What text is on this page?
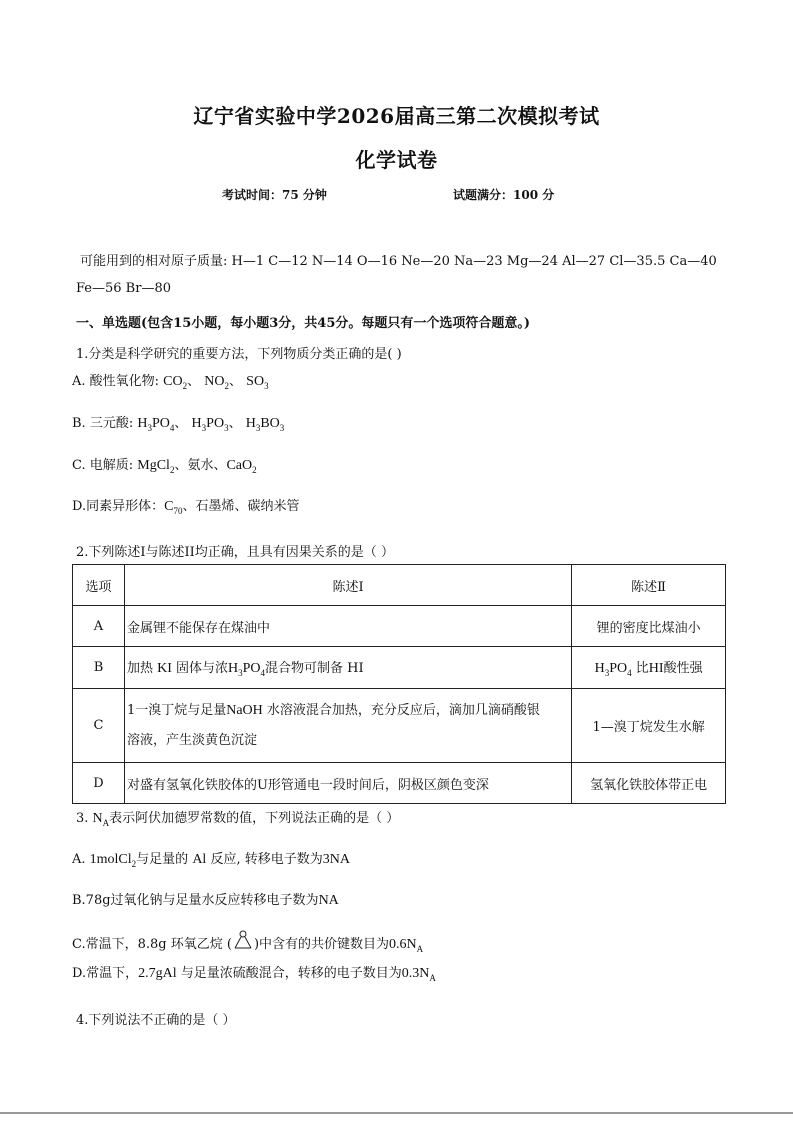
辽宁省实验中学2026届高三第二次模拟考试
化学试卷
考试时间：75 分钟	试题满分：100 分
可能用到的相对原子质量: H—1 C—12 N—14 O—16 Ne—20 Na—23 Mg—24 Al—27 Cl—35.5 Ca—40
Fe—56 Br—80
一、单选题(包含15小题，每小题3分，共45分。每题只有一个选项符合题意。)
1.分类是科学研究的重要方法，下列物质分类正确的是( )
A. 酸性氧化物: $CO_2$、 $NO_2$、 $SO_3$
B. 三元酸: $H_3PO_4$、 $H_3PO_3$、 $H_3BO_3$
C. 电解质: MgCl$_2$、氨水、CaO$_2$
D.同素异形体：$C_{70}$、石墨烯、碳纳米管
2.下列陈述I与陈述II均正确，且具有因果关系的是（ ）
选项	陈述Ⅰ	陈述Ⅱ
A	金属锂不能保存在煤油中	锂的密度比煤油小
B	加热 KI 固体与浓$H_3PO_4$混合物可制备 HI	$H_3PO_4$ 比HI酸性强
C	1一溴丁烷与足量NaOH 水溶液混合加热，充分反应后，滴加几滴硝酸银
溶液，产生淡黄色沉淀	1—溴丁烷发生水解
D	对盛有氢氧化铁胶体的U形管通电一段时间后，阴极区颜色变深	氢氧化铁胶体带正电
3. $N_A$表示阿伏加德罗常数的值，下列说法正确的是（ ）
A. 1molCl$_2$与足量的 Al 反应, 转移电子数为3NA
B.78g过氧化钠与足量水反应转移电子数为NA
C.常温下，8.8g 环氧乙烷 ( )中含有的共价键数目为$0.6N_A$
D.常温下，2.7gAl 与足量浓硫酸混合，转移的电子数目为$0.3N_A$
4.下列说法不正确的是（ ）
